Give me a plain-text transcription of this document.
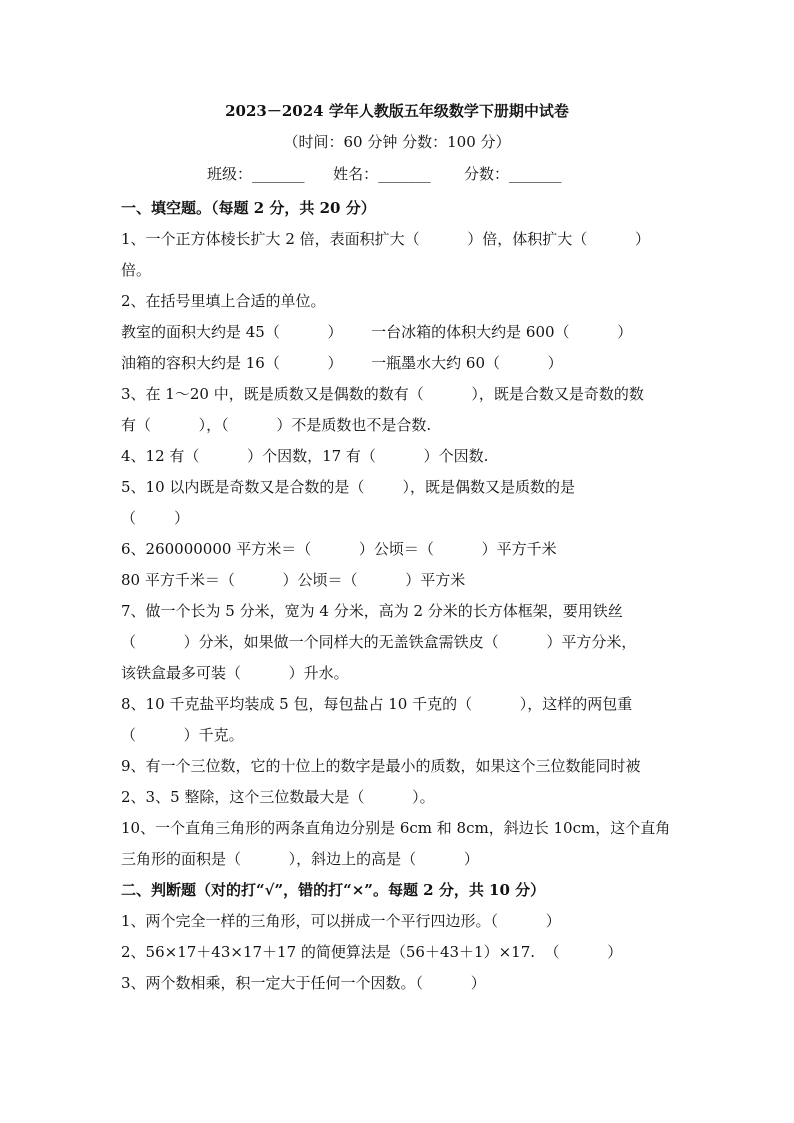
2023－2024 学年人教版五年级数学下册期中试卷
（时间：60 分钟 分数：100 分）
班级：_______      姓名：_______       分数：_______
一、填空题。（每题 2 分，共 20 分）
1、一个正方体棱长扩大 2 倍，表面积扩大（          ）倍，体积扩大（          ）
倍。
2、在括号里填上合适的单位。
教室的面积大约是 45（          ）      一台冰箱的体积大约是 600（          ）
油箱的容积大约是 16（          ）      一瓶墨水大约 60（          ）
3、在 1～20 中，既是质数又是偶数的数有（          ），既是合数又是奇数的数
有（          ），（          ）不是质数也不是合数.
4、12 有（          ）个因数，17 有（          ）个因数.
5、10 以内既是奇数又是合数的是（        ），既是偶数又是质数的是
（        ）
6、260000000 平方米＝（          ）公顷＝（          ）平方千米
80 平方千米＝（          ）公顷＝（          ）平方米
7、做一个长为 5 分米，宽为 4 分米，高为 2 分米的长方体框架，要用铁丝
（          ）分米，如果做一个同样大的无盖铁盒需铁皮（          ）平方分米，
该铁盒最多可装（          ）升水。
8、10 千克盐平均装成 5 包，每包盐占 10 千克的（          ），这样的两包重
（          ）千克。
9、有一个三位数，它的十位上的数字是最小的质数，如果这个三位数能同时被
2、3、5 整除，这个三位数最大是（          ）。
10、一个直角三角形的两条直角边分别是 6cm 和 8cm，斜边长 10cm，这个直角
三角形的面积是（          ），斜边上的高是（          ）
二、判断题（对的打“√”，错的打“×”。每题 2 分，共 10 分）
1、两个完全一样的三角形，可以拼成一个平行四边形。（          ）
2、56×17＋43×17＋17 的简便算法是（56＋43＋1）×17.  （          ）
3、两个数相乘，积一定大于任何一个因数。（          ）
